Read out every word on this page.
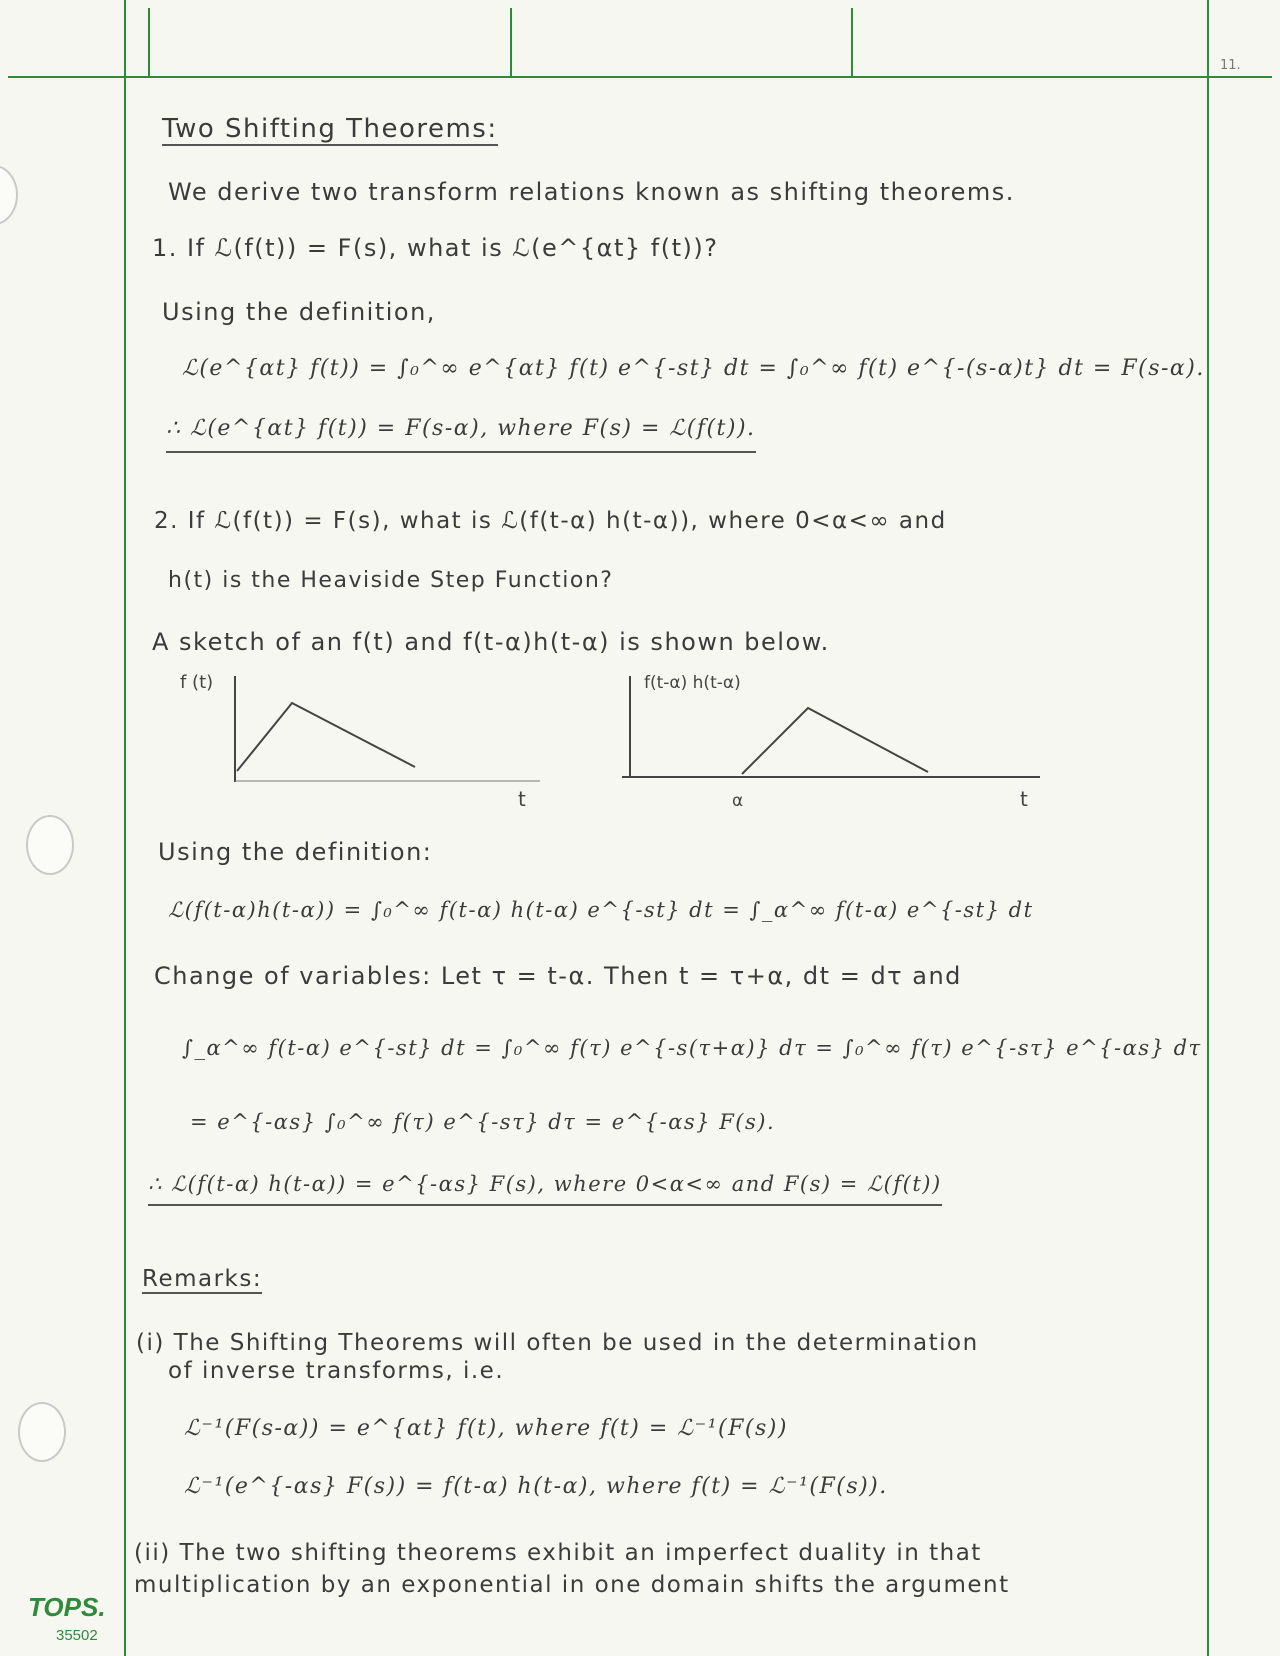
11.
Two Shifting Theorems:
We derive two transform relations known as shifting theorems.
1. If ℒ(f(t)) = F(s), what is ℒ(e^{αt} f(t))?
Using the definition,
ℒ(e^{αt} f(t)) = ∫₀^∞ e^{αt} f(t) e^{-st} dt = ∫₀^∞ f(t) e^{-(s-α)t} dt = F(s-α).
∴ ℒ(e^{αt} f(t)) = F(s-α), where F(s) = ℒ(f(t)).
2. If ℒ(f(t)) = F(s), what is ℒ(f(t-α) h(t-α)), where 0<α<∞ and
h(t) is the Heaviside Step Function?
A sketch of an f(t) and f(t-α)h(t-α) is shown below.
f (t)
t
f(t-α) h(t-α)
α	t
Using the definition:
ℒ(f(t-α)h(t-α)) = ∫₀^∞ f(t-α) h(t-α) e^{-st} dt = ∫_α^∞ f(t-α) e^{-st} dt
Change of variables: Let τ = t-α. Then t = τ+α, dt = dτ and
∫_α^∞ f(t-α) e^{-st} dt = ∫₀^∞ f(τ) e^{-s(τ+α)} dτ = ∫₀^∞ f(τ) e^{-sτ} e^{-αs} dτ
= e^{-αs} ∫₀^∞ f(τ) e^{-sτ} dτ = e^{-αs} F(s).
∴ ℒ(f(t-α) h(t-α)) = e^{-αs} F(s), where 0<α<∞ and F(s) = ℒ(f(t))
Remarks:
(i) The Shifting Theorems will often be used in the determination
of inverse transforms, i.e.
ℒ⁻¹(F(s-α)) = e^{αt} f(t), where f(t) = ℒ⁻¹(F(s))
ℒ⁻¹(e^{-αs} F(s)) = f(t-α) h(t-α), where f(t) = ℒ⁻¹(F(s)).
(ii) The two shifting theorems exhibit an imperfect duality in that
multiplication by an exponential in one domain shifts the argument
TOPS.
35502
